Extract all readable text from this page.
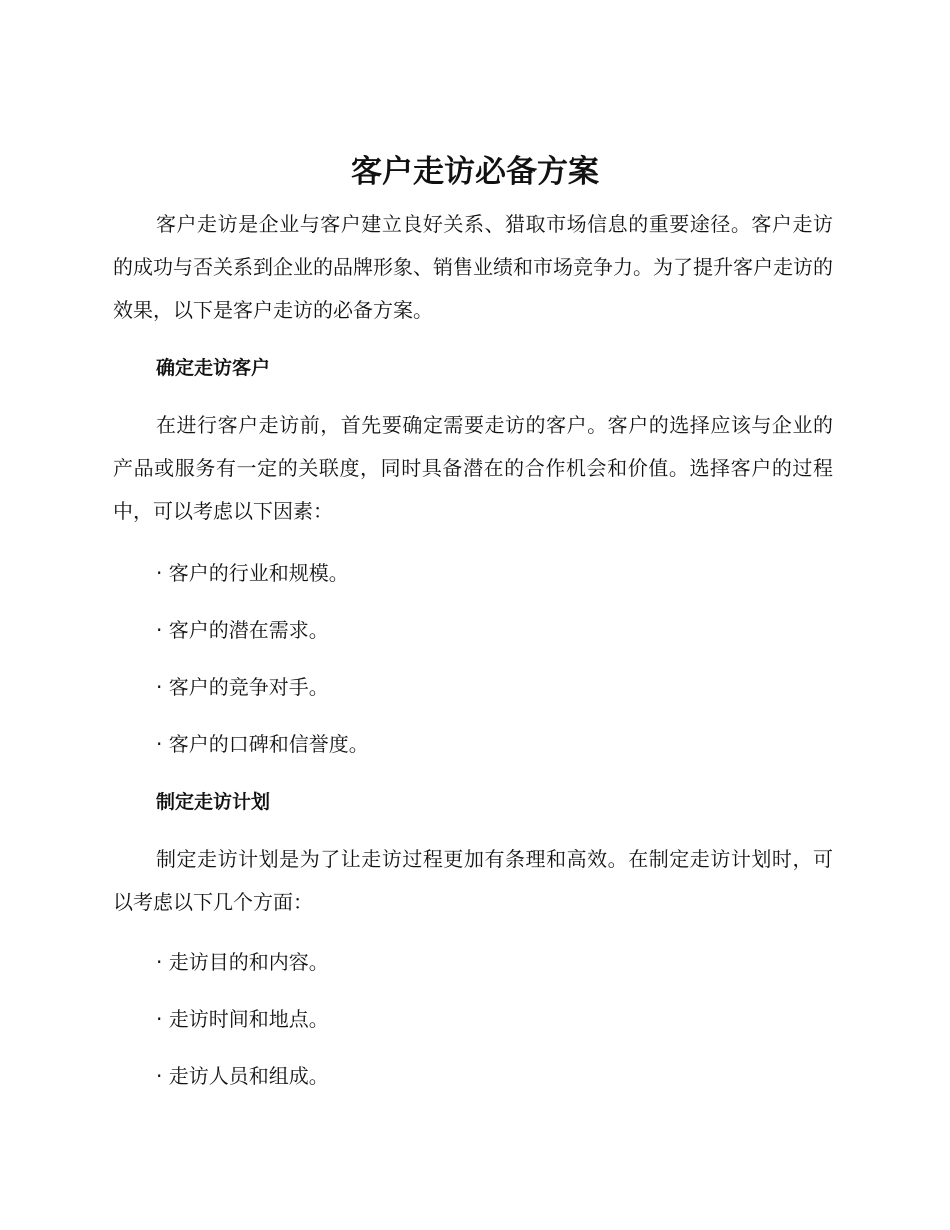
客户走访必备方案

客户走访是企业与客户建立良好关系、猎取市场信息的重要途径。客户走访的成功与否关系到企业的品牌形象、销售业绩和市场竞争力。为了提升客户走访的效果，以下是客户走访的必备方案。

确定走访客户

在进行客户走访前，首先要确定需要走访的客户。客户的选择应该与企业的产品或服务有一定的关联度，同时具备潜在的合作机会和价值。选择客户的过程中，可以考虑以下因素：

· 客户的行业和规模。
· 客户的潜在需求。
· 客户的竞争对手。
· 客户的口碑和信誉度。
制定走访计划

制定走访计划是为了让走访过程更加有条理和高效。在制定走访计划时，可以考虑以下几个方面：

· 走访目的和内容。
· 走访时间和地点。
· 走访人员和组成。
